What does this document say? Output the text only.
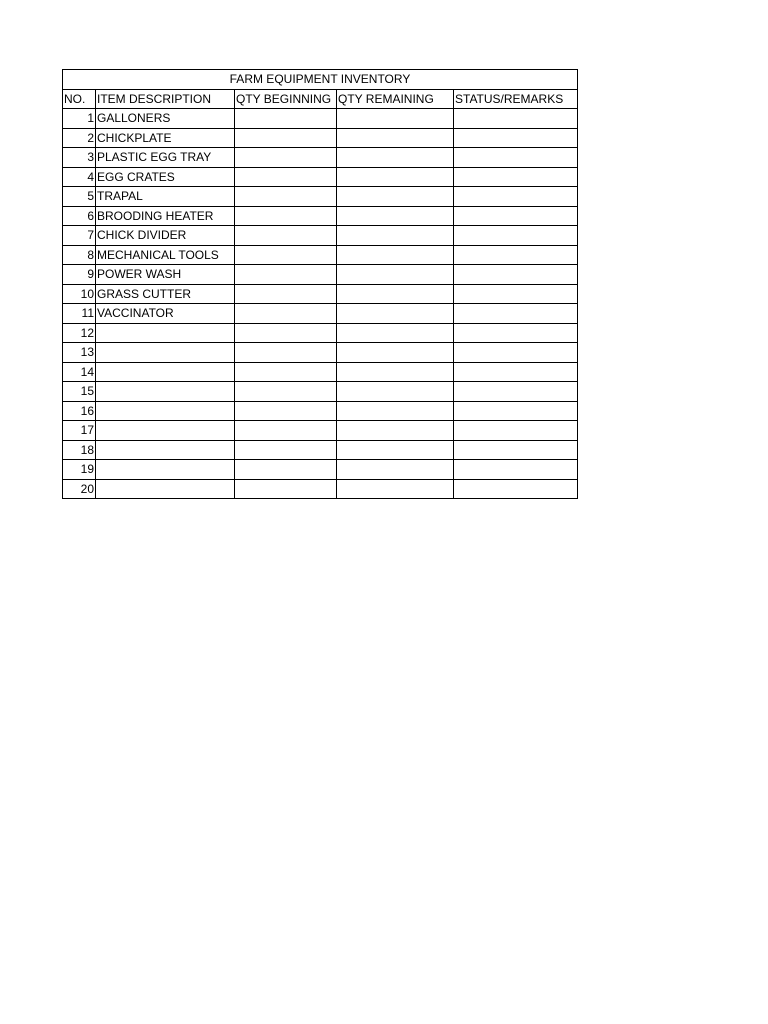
FARM EQUIPMENT INVENTORY				
NO.	ITEM DESCRIPTION	QTY BEGINNING	QTY REMAINING	STATUS/REMARKS
1	GALLONERS			
2	CHICKPLATE			
3	PLASTIC EGG TRAY			
4	EGG CRATES			
5	TRAPAL			
6	BROODING HEATER			
7	CHICK DIVIDER			
8	MECHANICAL TOOLS			
9	POWER WASH			
10	GRASS CUTTER			
11	VACCINATOR			
12				
13				
14				
15				
16				
17				
18				
19				
20				
